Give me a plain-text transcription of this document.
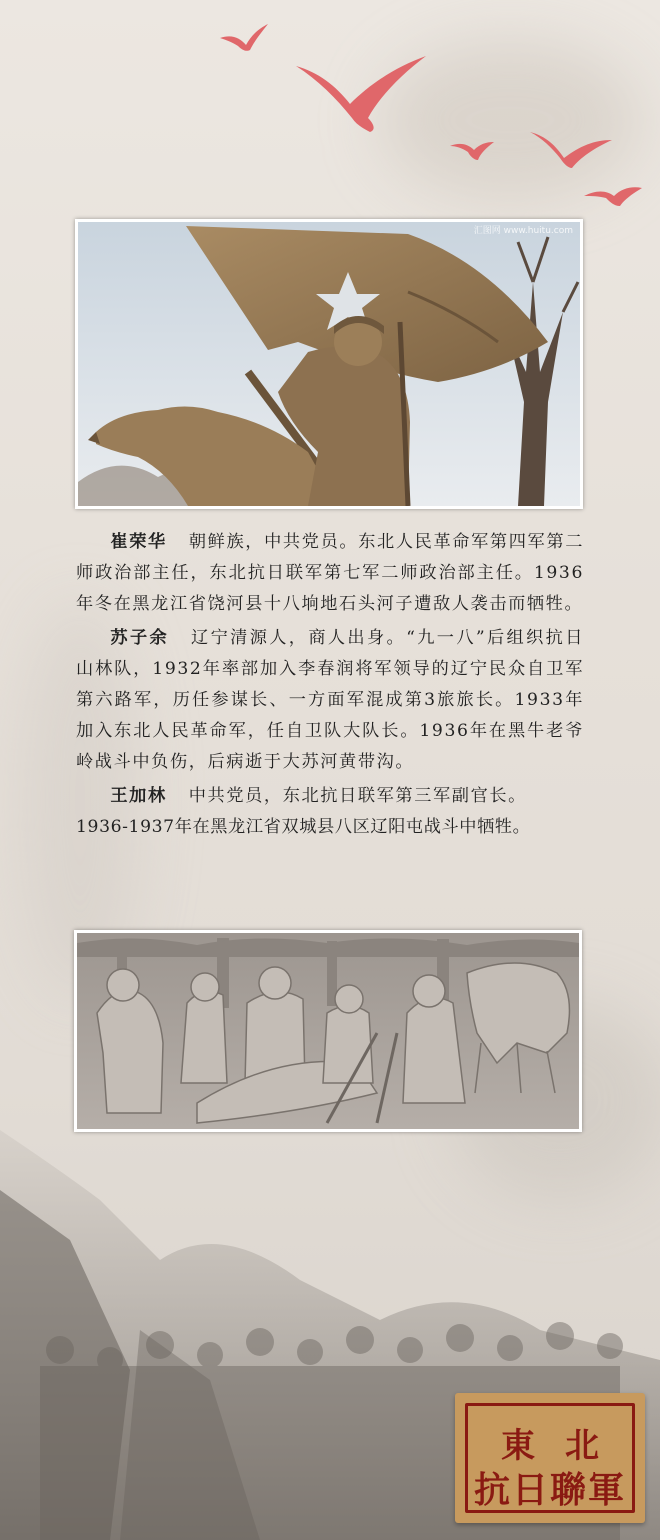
汇图网 www.huitu.com

崔荣华 朝鲜族，中共党员。东北人民革命军第四军第二师政治部主任，东北抗日联军第七军二师政治部主任。1936年冬在黑龙江省饶河县十八垧地石头河子遭敌人袭击而牺牲。

苏子余 辽宁清源人，商人出身。“九一八”后组织抗日山林队，1932年率部加入李春润将军领导的辽宁民众自卫军第六路军，历任参谋长、一方面军混成第3旅旅长。1933年加入东北人民革命军，任自卫队大队长。1936年在黑牛老爷岭战斗中负伤，后病逝于大苏河黄带沟。

王加林 中共党员，东北抗日联军第三军副官长。

1936-1937年在黑龙江省双城县八区辽阳屯战斗中牺牲。

東北
抗日聯軍
